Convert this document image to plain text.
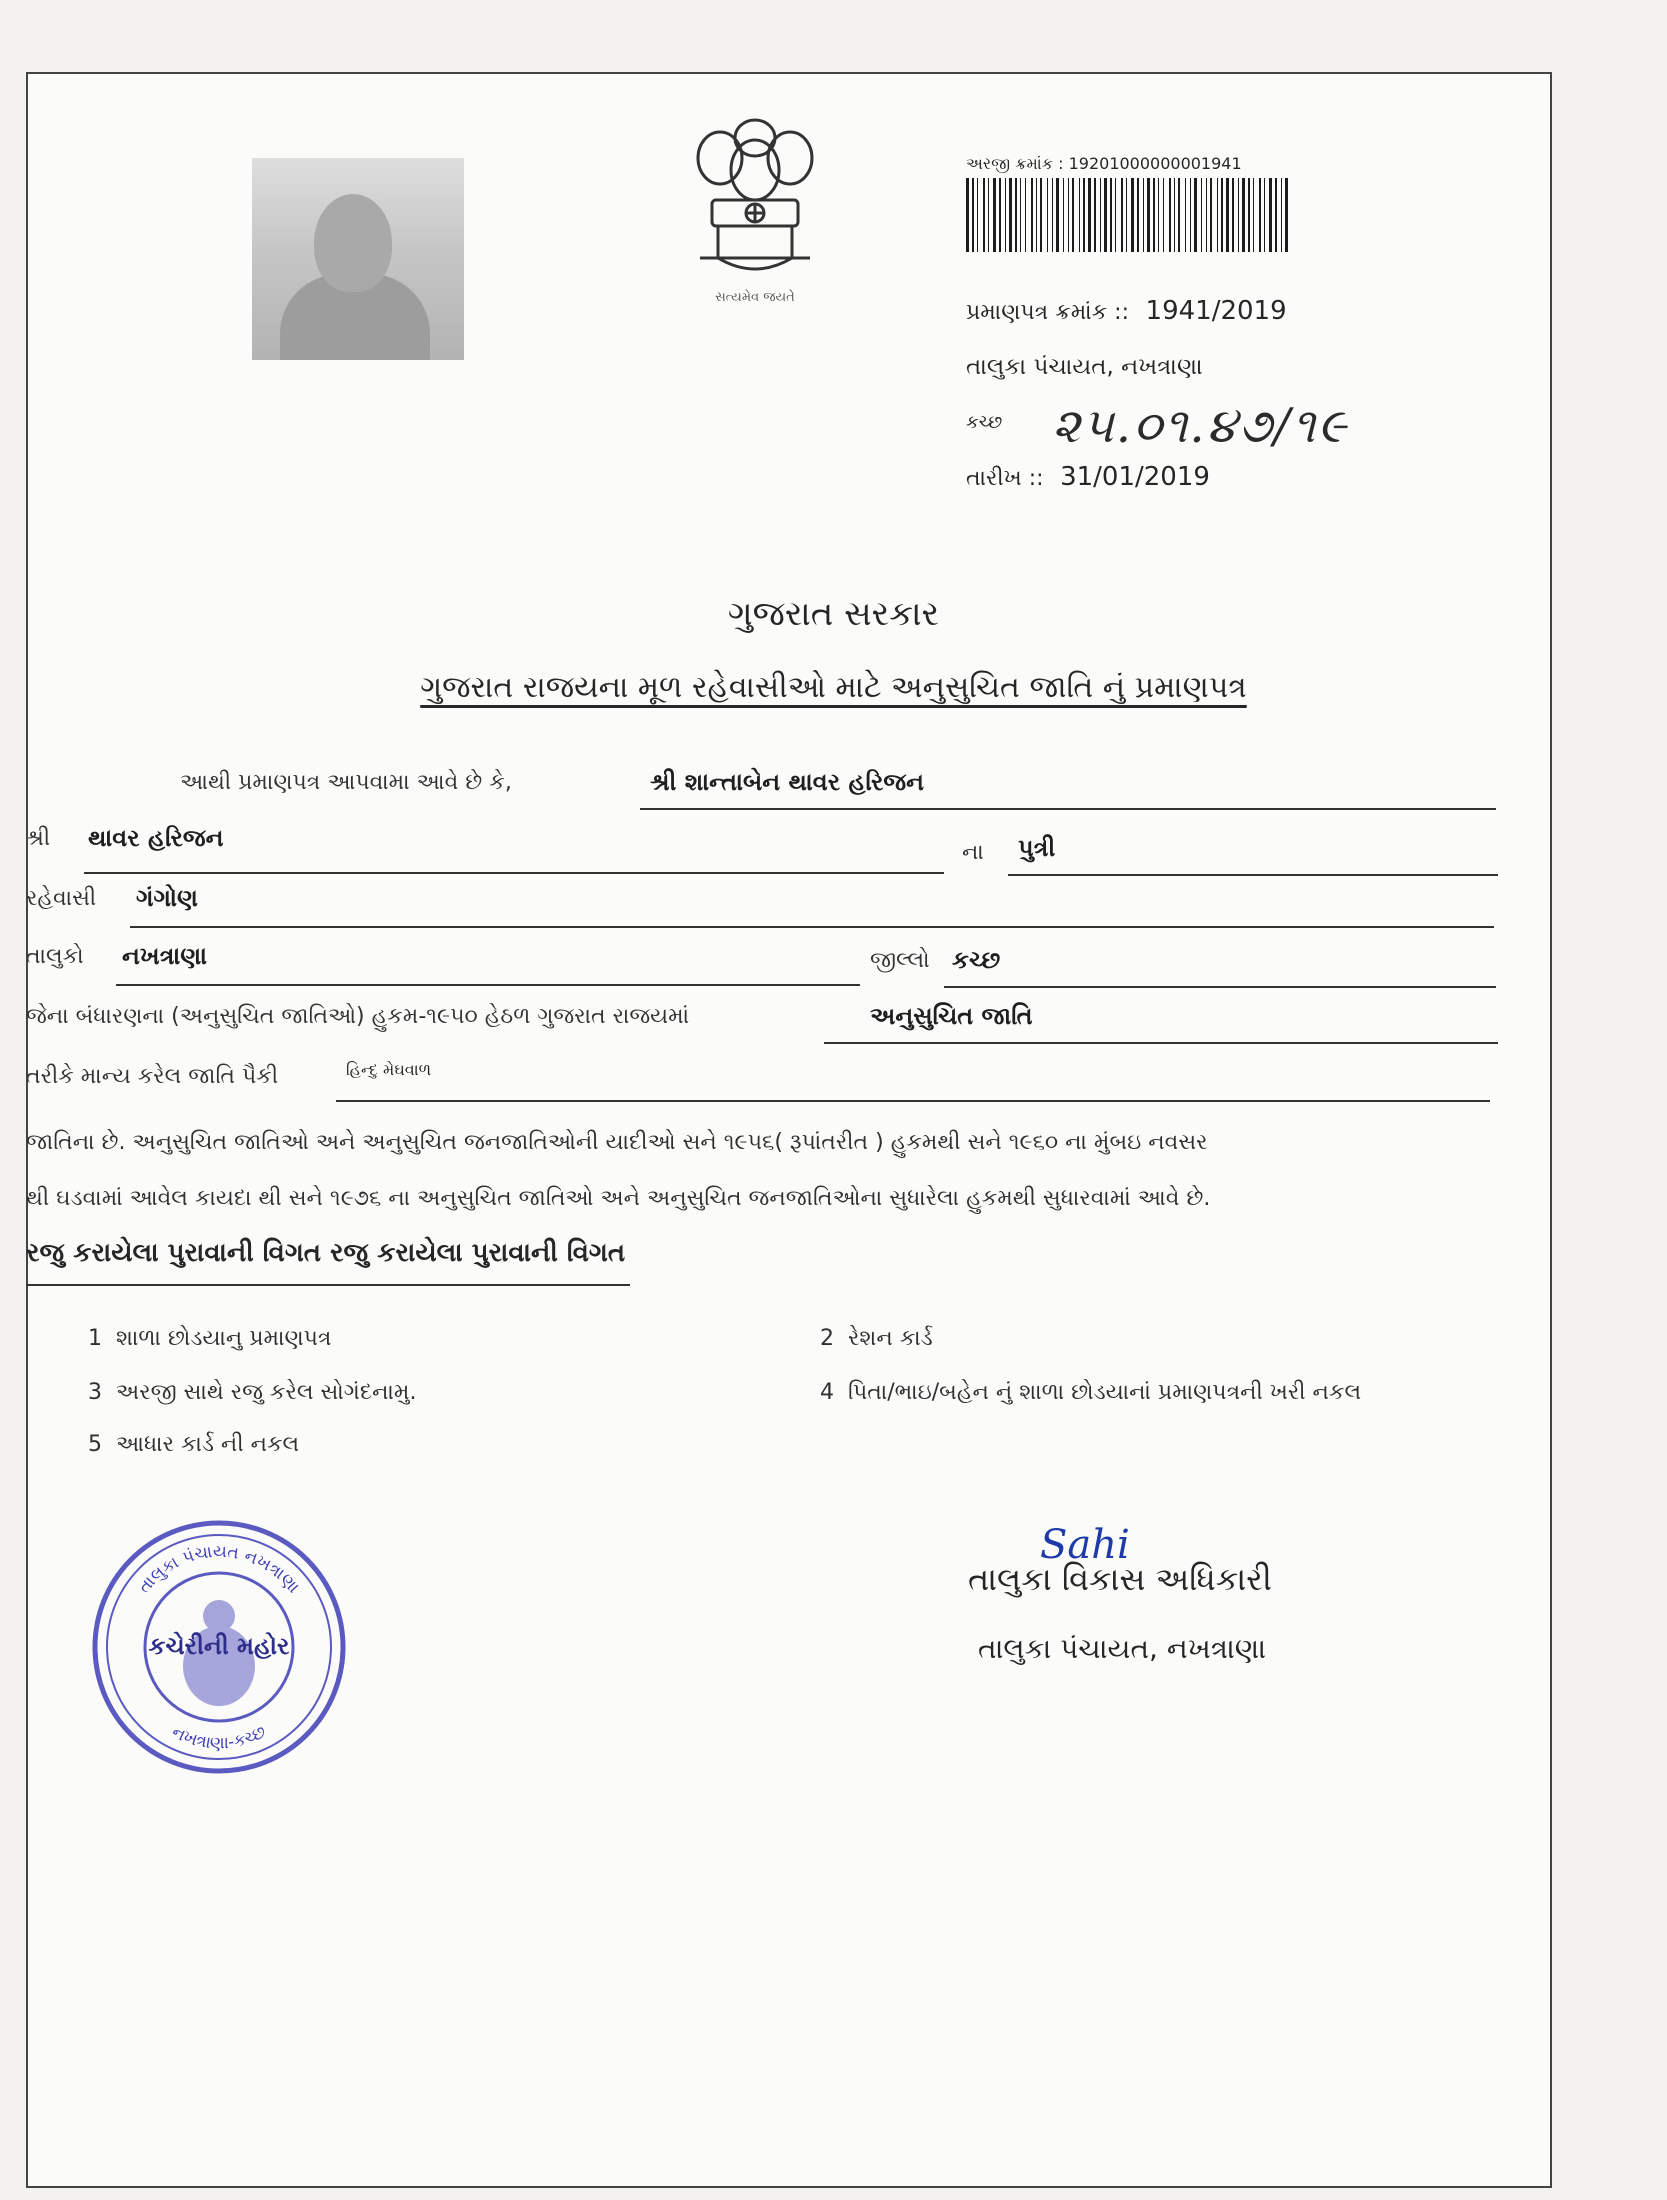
સત્યમેવ જયતે
અરજી ક્રમાંક : 19201000000001941
પ્રમાણપત્ર ક્રમાંક :: 1941/2019
તાલુકા પંચાયત, નખત્રાણા
કચ્છ ૨૫.૦૧.૪૭/૧૯
તારીખ :: 31/01/2019
ગુજરાત સરકાર
ગુજરાત રાજયના મૂળ રહેવાસીઓ માટે અનુસુચિત જાતિ નું પ્રમાણપત્ર
આથી પ્રમાણપત્ર આપવામા આવે છે કે,	શ્રી શાન્તાબેન થાવર હરિજન
શ્રી થાવર હરિજન
ના પુત્રી
રહેવાસી ગંગોણ
તાલુકો નખત્રાણા	જીલ્લો કચ્છ
જેના બંધારણના (અનુસુચિત જાતિઓ) હુકમ-૧૯૫૦ હેઠળ ગુજરાત રાજયમાં	અનુસુચિત જાતિ
તરીકે માન્ય કરેલ જાતિ પૈકી	હિન્દુ મેઘવાળ
જાતિના છે. અનુસુચિત જાતિઓ અને અનુસુચિત જનજાતિઓની યાદીઓ સને ૧૯૫૬( રૂપાંતરીત ) હુકમથી સને ૧૯૬૦ ના મુંબઇ નવસર
થી ઘડવામાં આવેલ કાયદા થી સને ૧૯૭૬ ના અનુસુચિત જાતિઓ અને અનુસુચિત જનજાતિઓના સુધારેલા હુકમથી સુધારવામાં આવે છે.
રજુ કરાયેલા પુરાવાની વિગત રજુ કરાયેલા પુરાવાની વિગત
1 શાળા છોડયાનુ પ્રમાણપત્ર	2 રેશન કાર્ડ
3 અરજી સાથે રજુ કરેલ સોગંદનામુ.	4 પિતા/ભાઇ/બહેન નું શાળા છોડયાનાં પ્રમાણપત્રની ખરી નકલ
5 આધાર કાર્ડ ની નકલ
તાલુકા પંચાયત નખત્રાણા
નખત્રાણા-કચ્છ
કચેરીની મહોર
Sahi
તાલુકા વિકાસ અધિકારી
તાલુકા પંચાયત, નખત્રાણા
